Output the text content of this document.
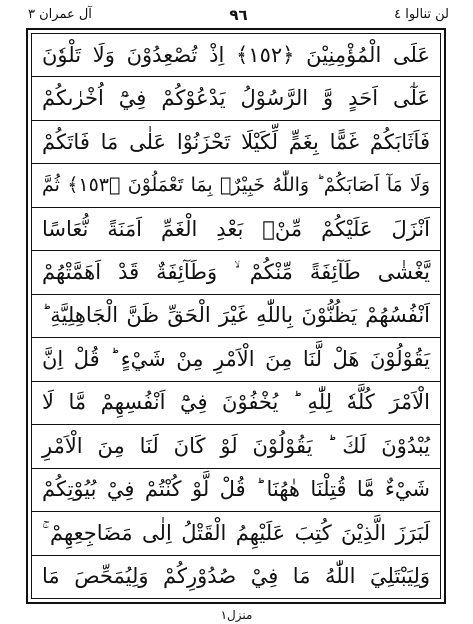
آل عمران ٣	٩٦	لن تنالوا ٤
عَلَى الْمُؤْمِنِيْنَ ﴿١٥٢﴾ اِذْ تُصْعِدُوْنَ وَلَا تَلْوٗنَ
عَلٰٓى اَحَدٍ وَّ الرَّسُوْلُ يَدْعُوْكُمْ فِيْٓ اُخْرٰىكُمْ
فَاَثَابَكُمْ غَمًّا بِغَمٍّ لِّكَيْلَا تَحْزَنُوْا عَلٰى مَا فَاتَكُمْ
وَلَا مَآ اَصَابَكُمْ ؕ وَاللّٰهُ خَبِيْرٌۢ بِمَا تَعْمَلُوْنَ ﴿١٥٣﴾ ثُمَّ
اَنْزَلَ عَلَيْكُمْ مِّنْۢ بَعْدِ الْغَمِّ اَمَنَةً نُّعَاسًا
يَّغْشٰى طَآئِفَةً مِّنْكُمْ ۙ وَطَآئِفَةٌ قَدْ اَهَمَّتْهُمْ
اَنْفُسُهُمْ يَظُنُّوْنَ بِاللّٰهِ غَيْرَ الْحَقِّ ظَنَّ الْجَاهِلِيَّةِ ؕ
يَقُوْلُوْنَ هَلْ لَّنَا مِنَ الْاَمْرِ مِنْ شَيْءٍ ؕ قُلْ اِنَّ
الْاَمْرَ كُلَّهٗ لِلّٰهِ ؕ يُخْفُوْنَ فِيْٓ اَنْفُسِهِمْ مَّا لَا
يُبْدُوْنَ لَكَ ؕ يَقُوْلُوْنَ لَوْ كَانَ لَنَا مِنَ الْاَمْرِ
شَيْءٌ مَّا قُتِلْنَا هٰهُنَا ؕ قُلْ لَّوْ كُنْتُمْ فِيْ بُيُوْتِكُمْ
لَبَرَزَ الَّذِيْنَ كُتِبَ عَلَيْهِمُ الْقَتْلُ اِلٰى مَضَاجِعِهِمْ ۚ
وَلِيَبْتَلِيَ اللّٰهُ مَا فِيْ صُدُوْرِكُمْ وَلِيُمَحِّصَ مَا
منزل١
